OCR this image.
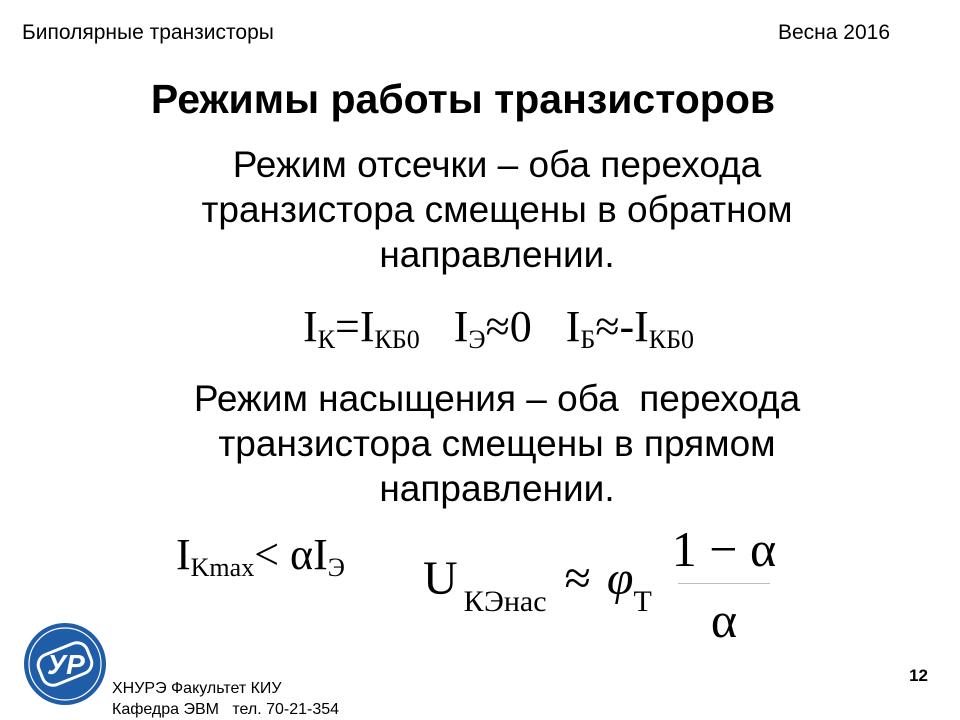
Биполярные транзисторы	Весна 2016
Режимы работы транзисторов
Режим отсечки – оба перехода
транзистора смещены в обратном
направлении.
$I_К=I_{КБ0}$ $I_Э\approx 0$ $I_Б\approx-I_{КБ0}$
Режим насыщения – оба  перехода
транзистора смещены в прямом
направлении.
$I_{Kmax}< \alpha I_Э$ U $_{КЭнас} \approx \varphi_Т$
1 − α
α
УР
ХНУРЭ Факультет КИУ
Кафедра ЭВМ   тел. 70-21-354
12
